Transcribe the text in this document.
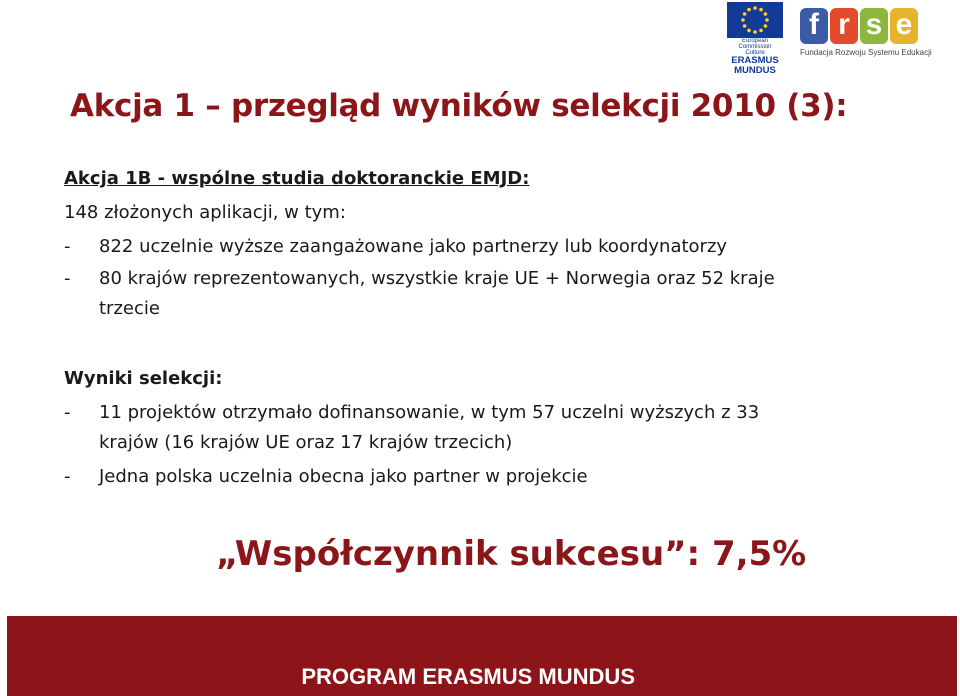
European Commission
Culture
ERASMUS
MUNDUS
f r s e
Fundacja Rozwoju Systemu Edukacji
Akcja 1 – przegląd wyników selekcji 2010 (3):
Akcja 1B - wspólne studia doktoranckie EMJD:
148 złożonych aplikacji, w tym:
- 822 uczelnie wyższe zaangażowane jako partnerzy lub koordynatorzy
- 80 krajów reprezentowanych, wszystkie kraje UE + Norwegia oraz 52 kraje
trzecie
Wyniki selekcji:
- 11 projektów otrzymało dofinansowanie, w tym 57 uczelni wyższych z 33
krajów (16 krajów UE oraz 17 krajów trzecich)
- Jedna polska uczelnia obecna jako partner w projekcie
„Współczynnik sukcesu”: 7,5%
PROGRAM ERASMUS MUNDUS
